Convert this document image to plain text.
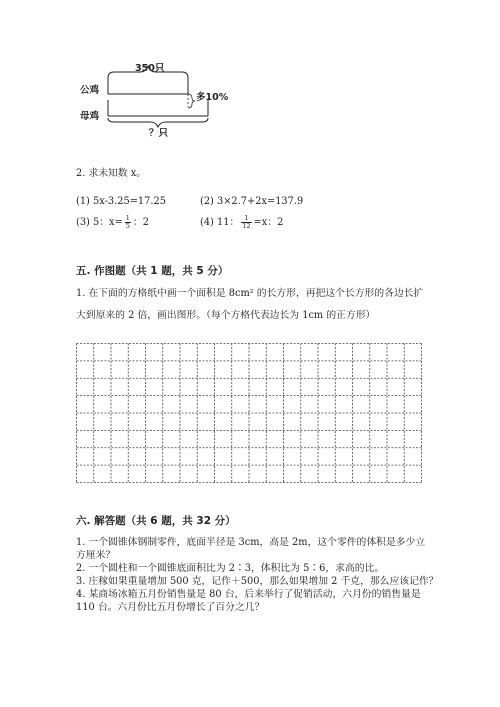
350只
公鸡
母鸡
多10%
？只
2. 求未知数 x。
(1) 5x-3.25=17.25	(2) 3×2.7+2x=137.9
(3) 5：$x= \frac{1}{5}$ ：2	(4) 11： $\frac{1}{12} =x$：2
五. 作图题（共 1 题，共 5 分）
1. 在下面的方格纸中画一个面积是 8cm² 的长方形，再把这个长方形的各边长扩
大到原来的 2 倍，画出图形。（每个方格代表边长为 1cm 的正方形）
六. 解答题（共 6 题，共 32 分）
1. 一个圆锥体钢制零件，底面半径是 3cm，高是 2m，这个零件的体积是多少立
方厘米？
2. 一个圆柱和一个圆锥底面积比为 2∶3，体积比为 5∶6，求高的比。
3. 庄稼如果重量增加 500 克，记作＋500，那么如果增加 2 千克，那么应该记作？
4. 某商场冰箱五月份销售量是 80 台，后来举行了促销活动，六月份的销售量是
110 台。六月份比五月份增长了百分之几？
